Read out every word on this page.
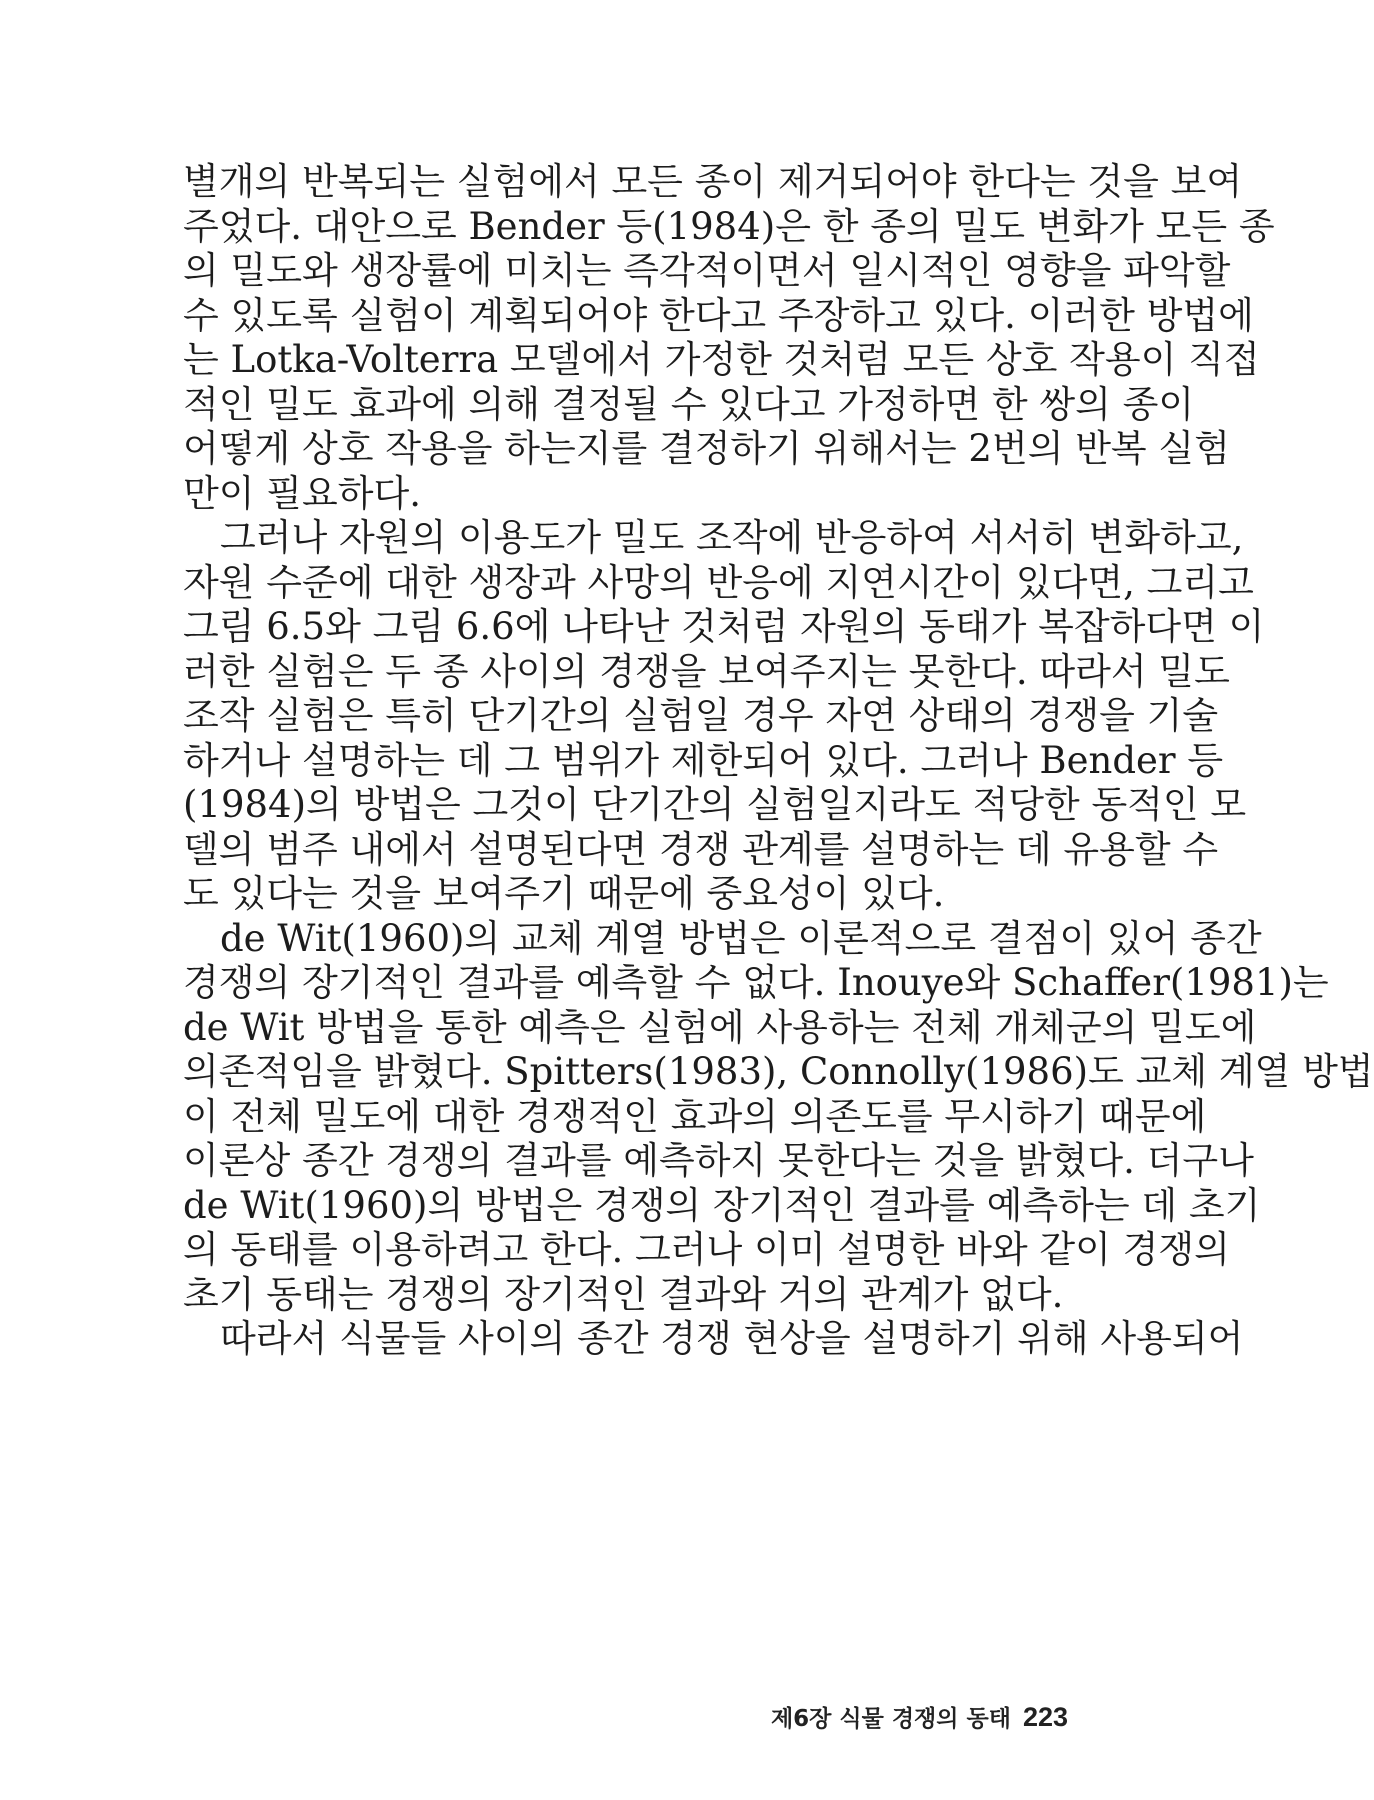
별개의 반복되는 실험에서 모든 종이 제거되어야 한다는 것을 보여
주었다. 대안으로 Bender 등(1984)은 한 종의 밀도 변화가 모든 종
의 밀도와 생장률에 미치는 즉각적이면서 일시적인 영향을 파악할
수 있도록 실험이 계획되어야 한다고 주장하고 있다. 이러한 방법에
는 Lotka-Volterra 모델에서 가정한 것처럼 모든 상호 작용이 직접
적인 밀도 효과에 의해 결정될 수 있다고 가정하면 한 쌍의 종이
어떻게 상호 작용을 하는지를 결정하기 위해서는 2번의 반복 실험
만이 필요하다.
그러나 자원의 이용도가 밀도 조작에 반응하여 서서히 변화하고,
자원 수준에 대한 생장과 사망의 반응에 지연시간이 있다면, 그리고
그림 6.5와 그림 6.6에 나타난 것처럼 자원의 동태가 복잡하다면 이
러한 실험은 두 종 사이의 경쟁을 보여주지는 못한다. 따라서 밀도
조작 실험은 특히 단기간의 실험일 경우 자연 상태의 경쟁을 기술
하거나 설명하는 데 그 범위가 제한되어 있다. 그러나 Bender 등
(1984)의 방법은 그것이 단기간의 실험일지라도 적당한 동적인 모
델의 범주 내에서 설명된다면 경쟁 관계를 설명하는 데 유용할 수
도 있다는 것을 보여주기 때문에 중요성이 있다.
de Wit(1960)의 교체 계열 방법은 이론적으로 결점이 있어 종간
경쟁의 장기적인 결과를 예측할 수 없다. Inouye와 Schaffer(1981)는
de Wit 방법을 통한 예측은 실험에 사용하는 전체 개체군의 밀도에
의존적임을 밝혔다. Spitters(1983), Connolly(1986)도 교체 계열 방법
이 전체 밀도에 대한 경쟁적인 효과의 의존도를 무시하기 때문에
이론상 종간 경쟁의 결과를 예측하지 못한다는 것을 밝혔다. 더구나
de Wit(1960)의 방법은 경쟁의 장기적인 결과를 예측하는 데 초기
의 동태를 이용하려고 한다. 그러나 이미 설명한 바와 같이 경쟁의
초기 동태는 경쟁의 장기적인 결과와 거의 관계가 없다.
따라서 식물들 사이의 종간 경쟁 현상을 설명하기 위해 사용되어
제6장 식물 경쟁의 동태 223
